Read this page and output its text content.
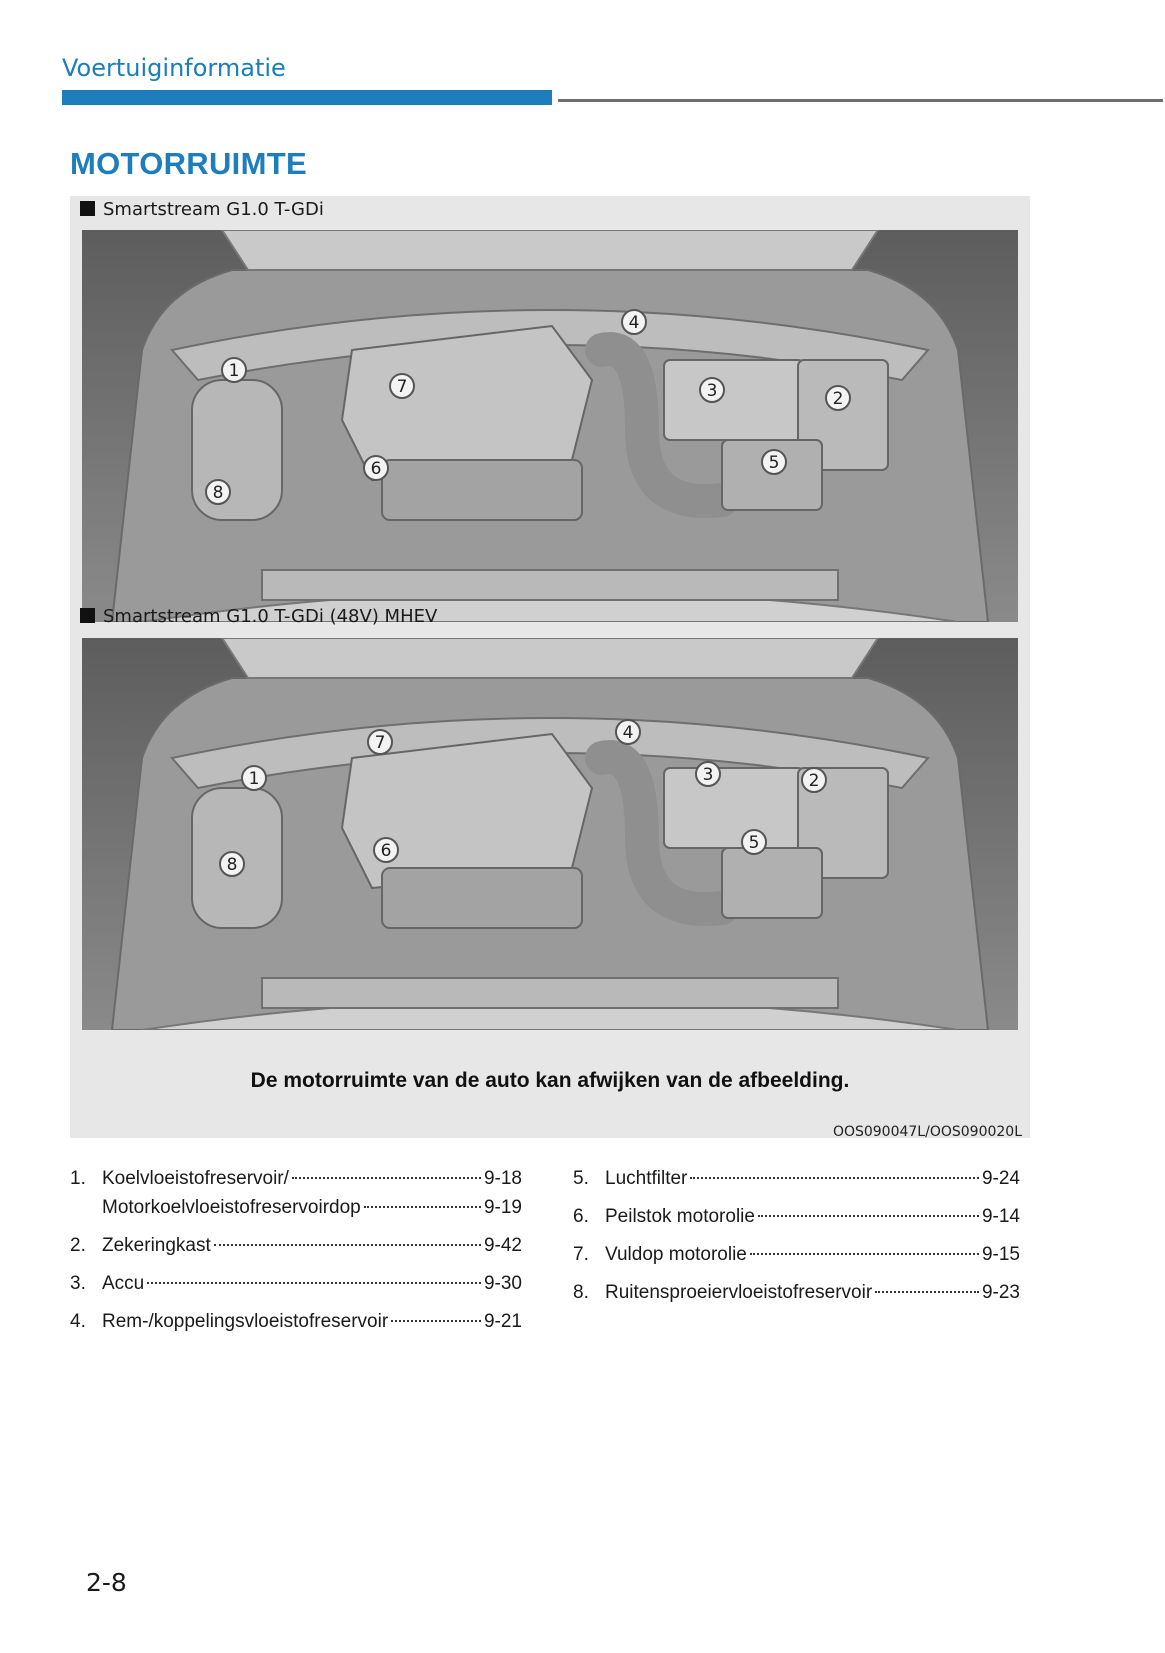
Voertuiginformatie
MOTORRUIMTE
Smartstream G1.0 T-GDi
1
2
3
4
5
6
7
8
Smartstream G1.0 T-GDi (48V) MHEV
1	2
3
4
5
6
7
8
De motorruimte van de auto kan afwijken van de afbeelding.
OOS090047L/OOS090020L
1. Koelvloeistofreservoir/	9-18
Motorkoelvloeistofreservoirdop	9-19
2. Zekeringkast	9-42
3. Accu	9-30
4. Rem-/koppelingsvloeistofreservoir	9-21
5. Luchtfilter	9-24
6. Peilstok motorolie	9-14
7. Vuldop motorolie	9-15
8. Ruitensproeiervloeistofreservoir	9-23
2-8
